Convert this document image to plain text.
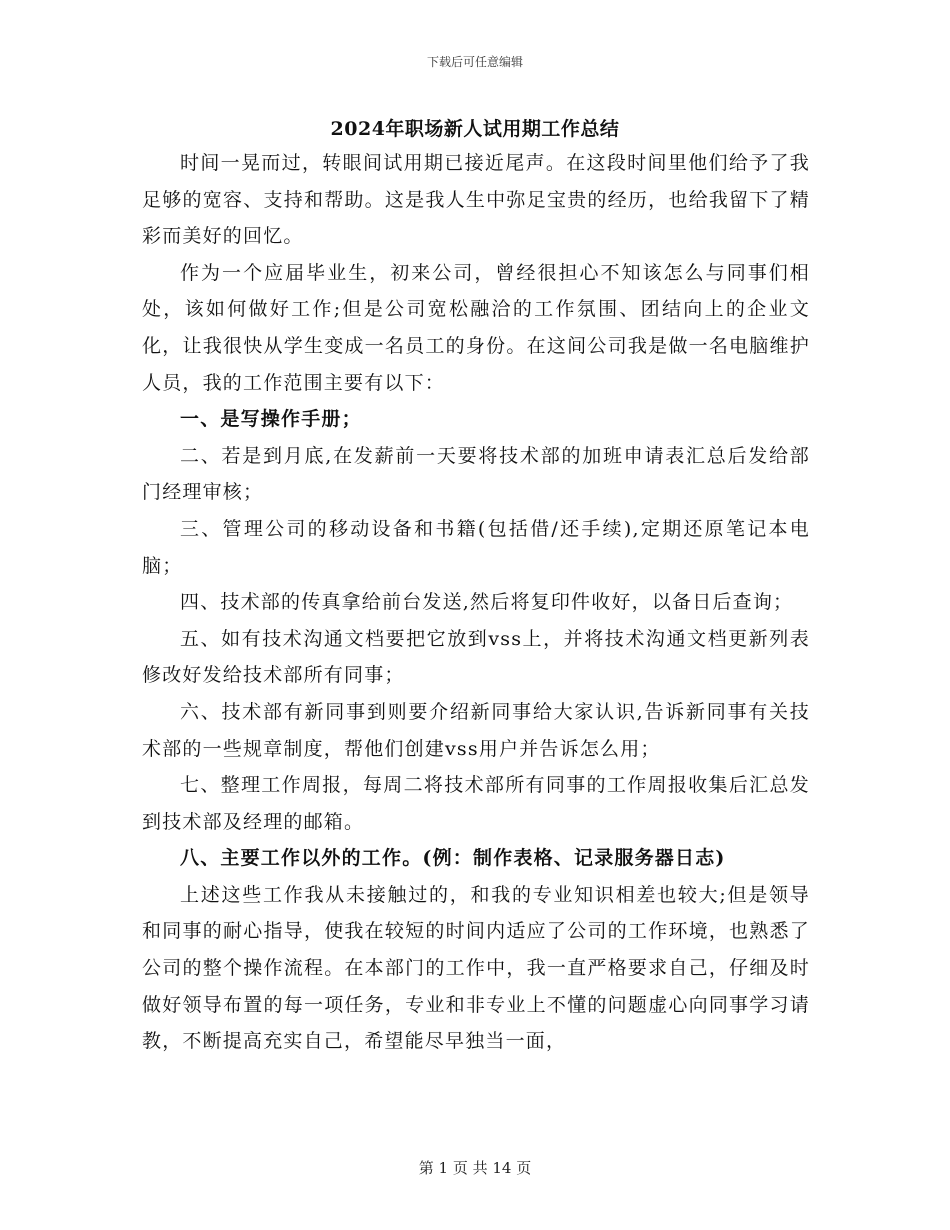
下载后可任意编辑
2024年职场新人试用期工作总结

时间一晃而过，转眼间试用期已接近尾声。在这段时间里他们给予了我足够的宽容、支持和帮助。这是我人生中弥足宝贵的经历，也给我留下了精彩而美好的回忆。

作为一个应届毕业生，初来公司，曾经很担心不知该怎么与同事们相处，该如何做好工作;但是公司宽松融洽的工作氛围、团结向上的企业文化，让我很快从学生变成一名员工的身份。在这间公司我是做一名电脑维护人员，我的工作范围主要有以下：

一、是写操作手册；

二、若是到月底,在发薪前一天要将技术部的加班申请表汇总后发给部门经理审核；

三、管理公司的移动设备和书籍(包括借/还手续),定期还原笔记本电脑；

四、技术部的传真拿给前台发送,然后将复印件收好，以备日后查询；

五、如有技术沟通文档要把它放到vss上，并将技术沟通文档更新列表修改好发给技术部所有同事；

六、技术部有新同事到则要介绍新同事给大家认识,告诉新同事有关技术部的一些规章制度，帮他们创建vss用户并告诉怎么用；

七、整理工作周报，每周二将技术部所有同事的工作周报收集后汇总发到技术部及经理的邮箱。

八、主要工作以外的工作。(例：制作表格、记录服务器日志)

上述这些工作我从未接触过的，和我的专业知识相差也较大;但是领导和同事的耐心指导，使我在较短的时间内适应了公司的工作环境，也熟悉了公司的整个操作流程。在本部门的工作中，我一直严格要求自己，仔细及时做好领导布置的每一项任务，专业和非专业上不懂的问题虚心向同事学习请教，不断提高充实自己，希望能尽早独当一面，

第 1 页 共 14 页
